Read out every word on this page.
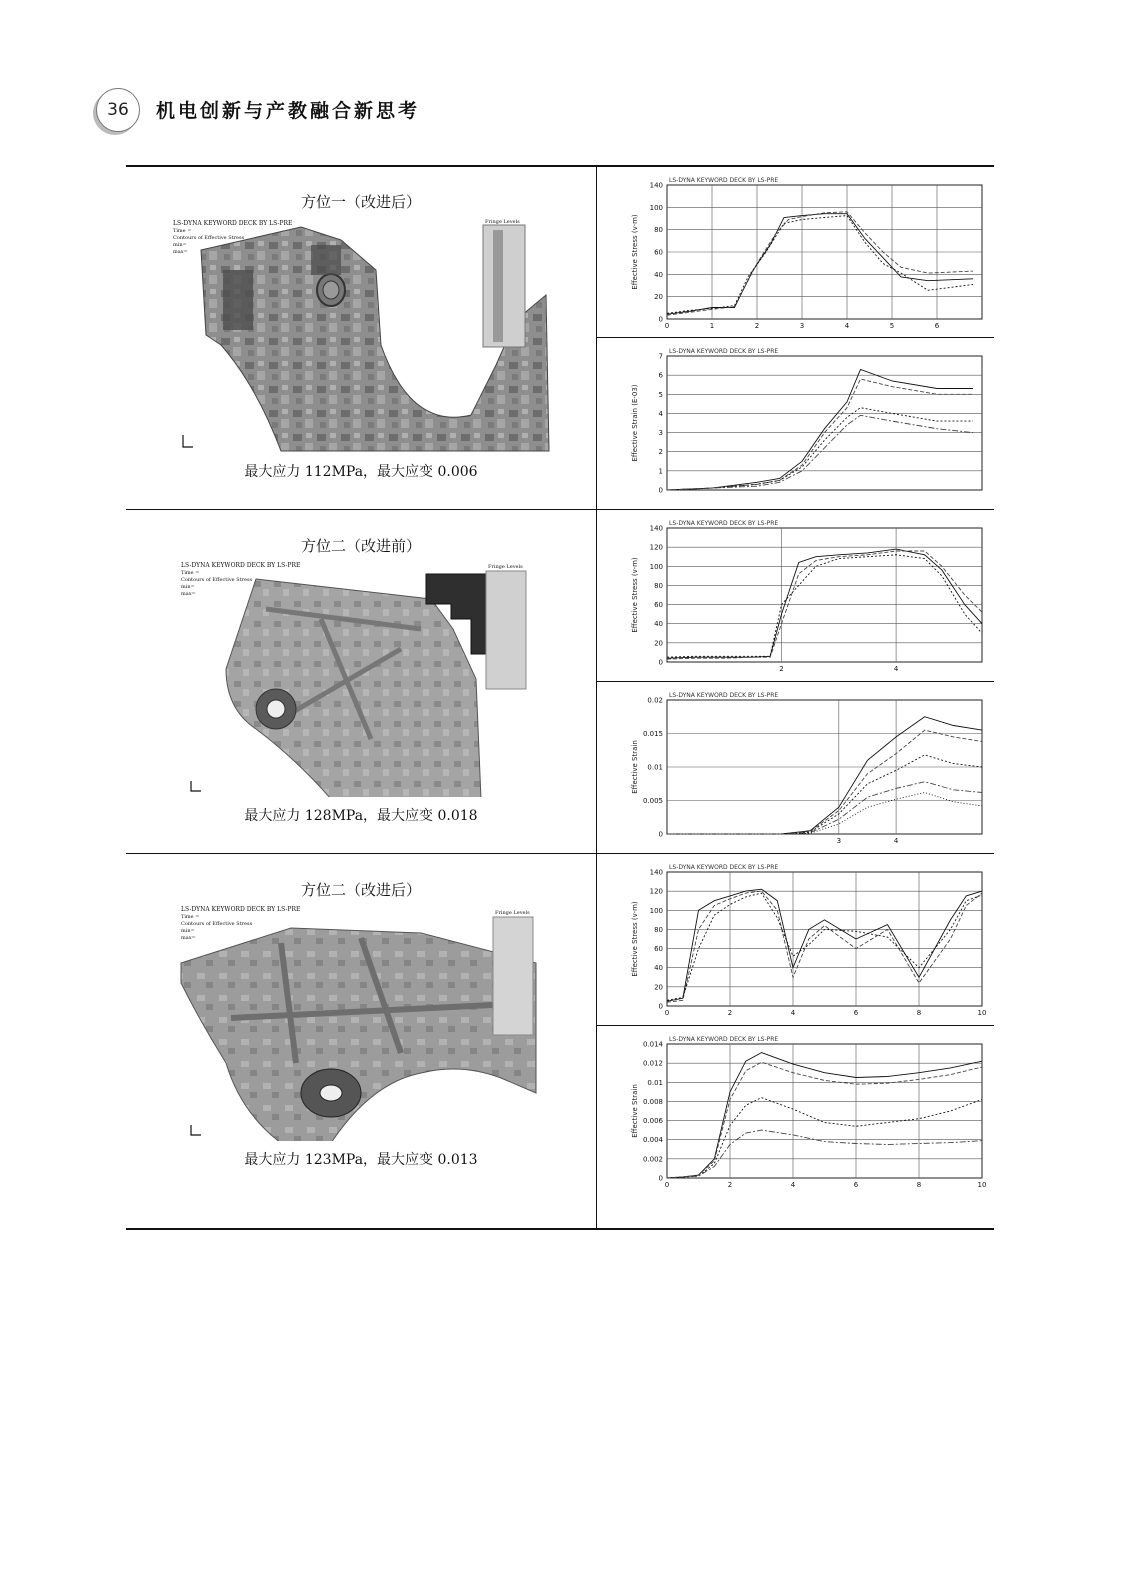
36 机电创新与产教融合新思考
方位一（改进后）
LS-DYNA KEYWORD DECK BY LS-PRE
Time =
Contours of Effective Stress
min=
max=
Fringe Levels
最大应力 112MPa，最大应变 0.006
方位二（改进前）
LS-DYNA KEYWORD DECK BY LS-PRE
Time =
Contours of Effective Stress
min=
max=
Fringe Levels
最大应力 128MPa，最大应变 0.018
方位二（改进后）
LS-DYNA KEYWORD DECK BY LS-PRE
Time =
Contours of Effective Stress
min=
max=
Fringe Levels
最大应力 123MPa，最大应变 0.013
LS-DYNA KEYWORD DECK BY LS-PRE
Effective Stress (v-m)
0
20
40
60
80
100
140
0	1	2	3	4	5	6
LS-DYNA KEYWORD DECK BY LS-PRE
Effective Strain (E-03)
0
1
2
3
4
5
6
7
LS-DYNA KEYWORD DECK BY LS-PRE
Effective Stress (v-m)
0
20
40
60
80
100
120
140
2	4
LS-DYNA KEYWORD DECK BY LS-PRE
Effective Strain
0
0.005
0.01
0.015
0.02
3	4
LS-DYNA KEYWORD DECK BY LS-PRE
Effective Stress (v-m)
0
20
40
60
80
100
120
140
0	2	4	6	8	10
LS-DYNA KEYWORD DECK BY LS-PRE
Effective Strain
0
0.002
0.004
0.006
0.008
0.01
0.012
0.014
0	2	4	6	8	10
